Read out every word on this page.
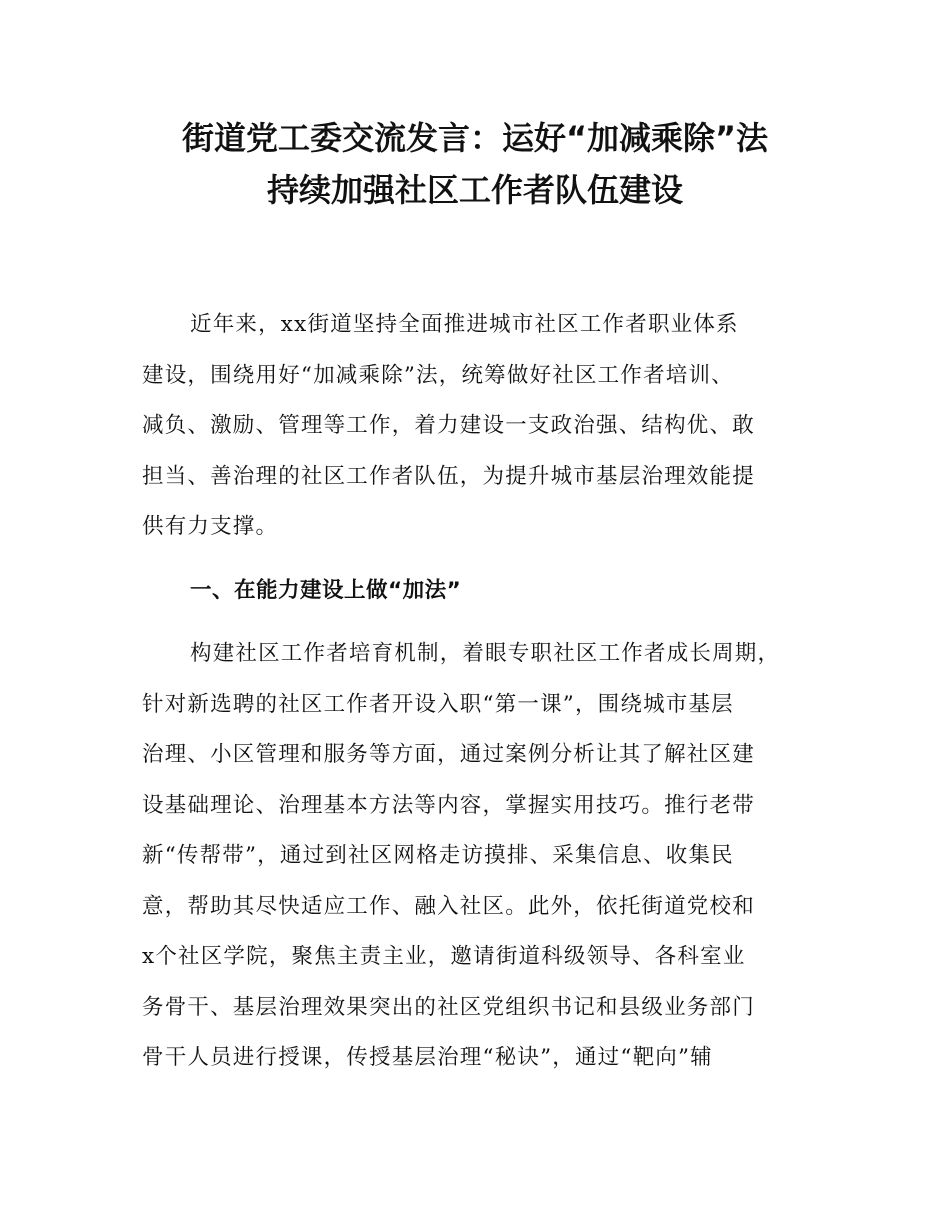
街道党工委交流发言：运好“加减乘除”法
持续加强社区工作者队伍建设
近年来，xx街道坚持全面推进城市社区工作者职业体系
建设，围绕用好“加减乘除”法，统筹做好社区工作者培训、
减负、激励、管理等工作，着力建设一支政治强、结构优、敢
担当、善治理的社区工作者队伍，为提升城市基层治理效能提
供有力支撑。
一、在能力建设上做“加法”
构建社区工作者培育机制，着眼专职社区工作者成长周期，
针对新选聘的社区工作者开设入职“第一课”，围绕城市基层
治理、小区管理和服务等方面，通过案例分析让其了解社区建
设基础理论、治理基本方法等内容，掌握实用技巧。推行老带
新“传帮带”，通过到社区网格走访摸排、采集信息、收集民
意，帮助其尽快适应工作、融入社区。此外，依托街道党校和
x个社区学院，聚焦主责主业，邀请街道科级领导、各科室业
务骨干、基层治理效果突出的社区党组织书记和县级业务部门
骨干人员进行授课，传授基层治理“秘诀”，通过“靶向”辅
